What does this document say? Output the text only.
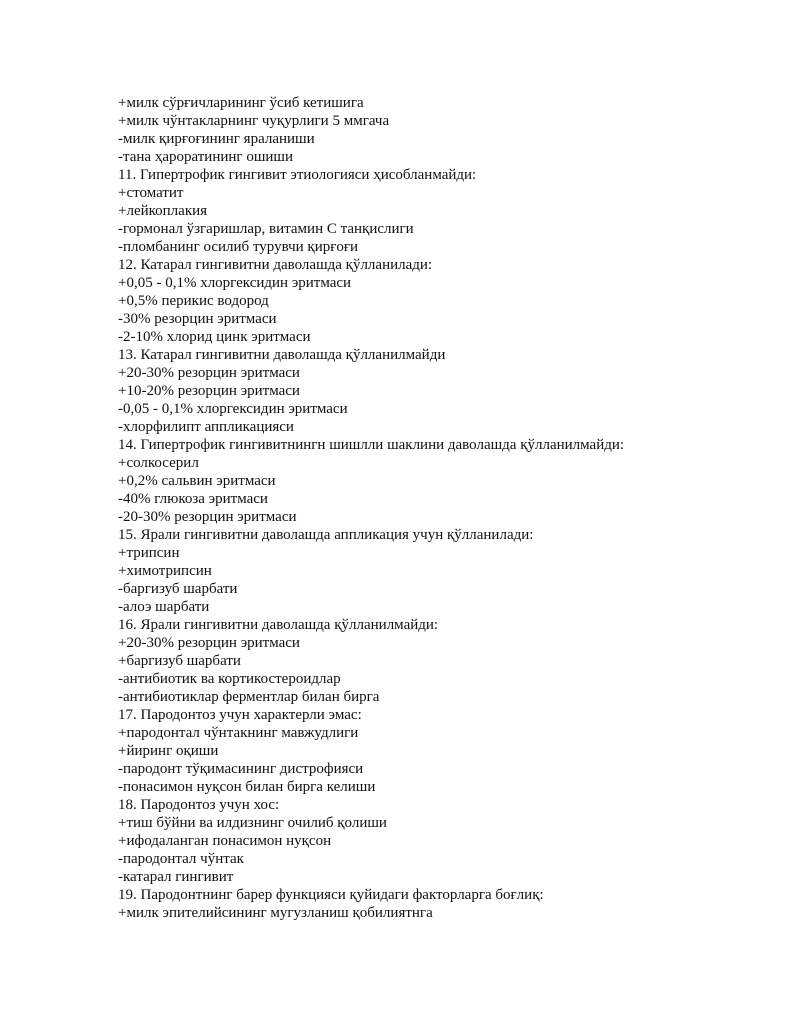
+милк сўрғичларининг ўсиб кетишига
+милк чўнтакларнинг чуқурлиги 5 ммгача
-милк қирғоғининг яраланиши
-тана ҳароратининг ошиши
11. Гипертрофик гингивит этиологияси ҳисобланмайди:
+стоматит
+лейкоплакия
-гормонал ўзгаришлар, витамин С танқислиги
-пломбанинг осилиб турувчи қирғоғи
12. Катарал гингивитни даволашда қўлланилади:
+0,05 - 0,1% хлоргексидин эритмаси
+0,5% перикис водород
-30% резорцин эритмаси
-2-10% хлорид цинк эритмаси
13. Катарал гингивитни даволашда қўлланилмайди
+20-30% резорцин эритмаси
+10-20% резорцин эритмаси
-0,05 - 0,1% хлоргексидин эритмаси
-хлорфилипт аппликацияси
14. Гипертрофик гингивитнингн шишлли шаклини даволашда қўлланилмайди:
+солкосерил
+0,2% сальвин эритмаси
-40% глюкоза эритмаси
-20-30% резорцин эритмаси
15. Ярали гингивитни даволашда аппликация учун қўлланилади:
+трипсин
+химотрипсин
-баргизуб шарбати
-алоэ шарбати
16. Ярали гингивитни даволашда қўлланилмайди:
+20-30% резорцин эритмаси
+баргизуб шарбати
-антибиотик ва кортикостероидлар
-антибиотиклар ферментлар билан бирга
17. Пародонтоз учун характерли эмас:
+пародонтал чўнтакнинг мавжудлиги
+йиринг оқиши
-пародонт тўқимасининг дистрофияси
-понасимон нуқсон билан бирга келиши
18. Пародонтоз учун хос:
+тиш бўйни ва илдизнинг очилиб қолиши
+ифодаланган понасимон нуқсон
-пародонтал чўнтак
-катарал гингивит
19. Пародонтнинг барер функцияси қуйидаги факторларга боғлиқ:
+милк эпителийсининг мугузланиш қобилиятнга
